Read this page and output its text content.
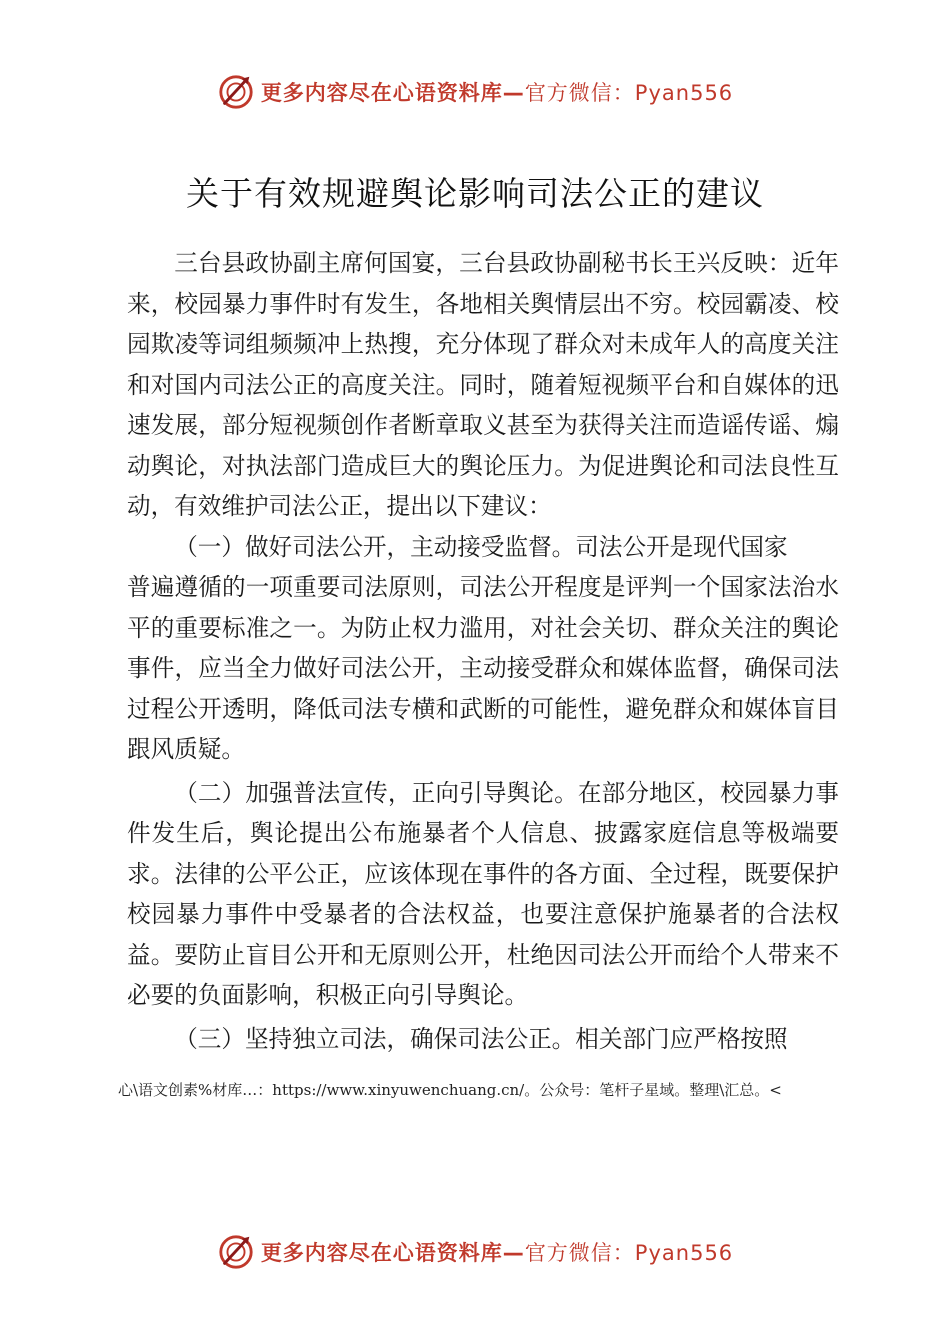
更多内容尽在心语资料库— 官方微信：Pyan556
关于有效规避舆论影响司法公正的建议

三台县政协副主席何国宴，三台县政协副秘书长王兴反映：近年来，校园暴力事件时有发生，各地相关舆情层出不穷。校园霸凌、校园欺凌等词组频频冲上热搜，充分体现了群众对未成年人的高度关注和对国内司法公正的高度关注。同时，随着短视频平台和自媒体的迅速发展，部分短视频创作者断章取义甚至为获得关注而造谣传谣、煽动舆论，对执法部门造成巨大的舆论压力。为促进舆论和司法良性互动，有效维护司法公正，提出以下建议：

（一）做好司法公开，主动接受监督。司法公开是现代国家

普遍遵循的一项重要司法原则，司法公开程度是评判一个国家法治水平的重要标准之一。为防止权力滥用，对社会关切、群众关注的舆论事件，应当全力做好司法公开，主动接受群众和媒体监督，确保司法过程公开透明，降低司法专横和武断的可能性，避免群众和媒体盲目跟风质疑。

（二）加强普法宣传，正向引导舆论。在部分地区，校园暴力事件发生后，舆论提出公布施暴者个人信息、披露家庭信息等极端要求。法律的公平公正，应该体现在事件的各方面、全过程，既要保护校园暴力事件中受暴者的合法权益，也要注意保护施暴者的合法权益。要防止盲目公开和无原则公开，杜绝因司法公开而给个人带来不必要的负面影响，积极正向引导舆论。

（三）坚持独立司法，确保司法公正。相关部门应严格按照

心\语文创素%材库…：https://www.xinyuwenchuang.cn/。公众号：笔杆子星域。整理\汇总。<
更多内容尽在心语资料库— 官方微信：Pyan556
